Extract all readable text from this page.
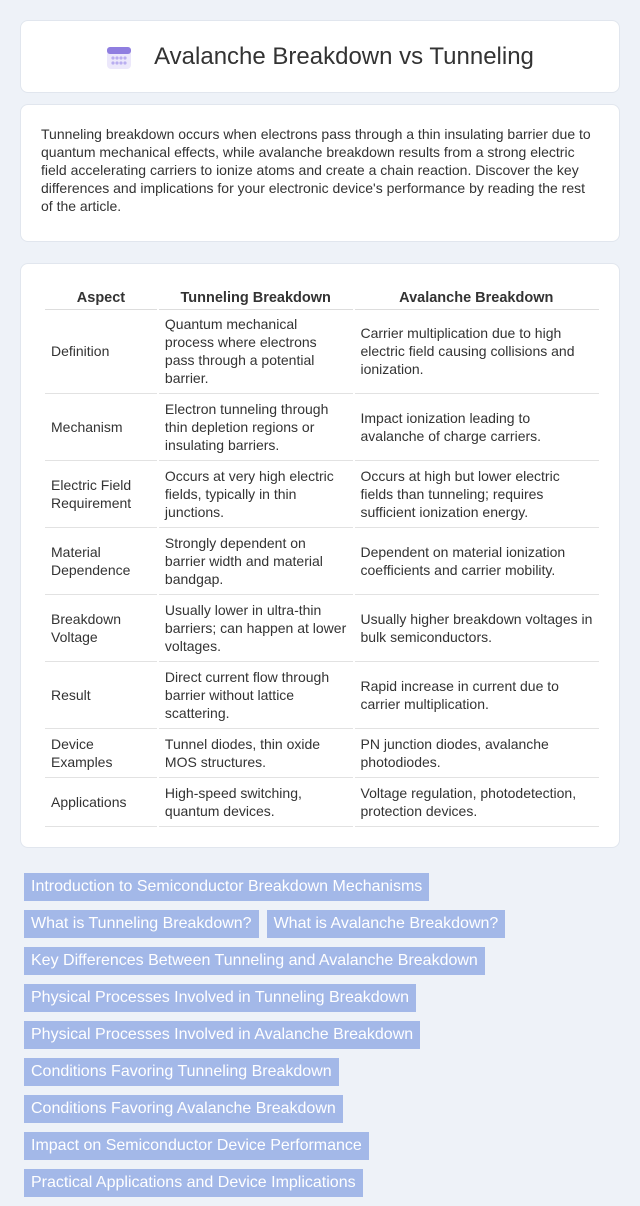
Avalanche Breakdown vs Tunneling

Tunneling breakdown occurs when electrons pass through a thin insulating barrier due to quantum mechanical effects, while avalanche breakdown results from a strong electric field accelerating carriers to ionize atoms and create a chain reaction. Discover the key differences and implications for your electronic device's performance by reading the rest of the article.

Aspect	Tunneling Breakdown	Avalanche Breakdown
Definition	Quantum mechanical process where electrons pass through a potential barrier.	Carrier multiplication due to high electric field causing collisions and ionization.
Mechanism	Electron tunneling through thin depletion regions or insulating barriers.	Impact ionization leading to avalanche of charge carriers.
Electric Field Requirement	Occurs at very high electric fields, typically in thin junctions.	Occurs at high but lower electric fields than tunneling; requires sufficient ionization energy.
Material Dependence	Strongly dependent on barrier width and material bandgap.	Dependent on material ionization coefficients and carrier mobility.
Breakdown Voltage	Usually lower in ultra-thin barriers; can happen at lower voltages.	Usually higher breakdown voltages in bulk semiconductors.
Result	Direct current flow through barrier without lattice scattering.	Rapid increase in current due to carrier multiplication.
Device Examples	Tunnel diodes, thin oxide MOS structures.	PN junction diodes, avalanche photodiodes.
Applications	High-speed switching, quantum devices.	Voltage regulation, photodetection, protection devices.
Introduction to Semiconductor Breakdown Mechanisms
What is Tunneling Breakdown?	What is Avalanche Breakdown?
Key Differences Between Tunneling and Avalanche Breakdown
Physical Processes Involved in Tunneling Breakdown
Physical Processes Involved in Avalanche Breakdown
Conditions Favoring Tunneling Breakdown
Conditions Favoring Avalanche Breakdown
Impact on Semiconductor Device Performance
Practical Applications and Device Implications
